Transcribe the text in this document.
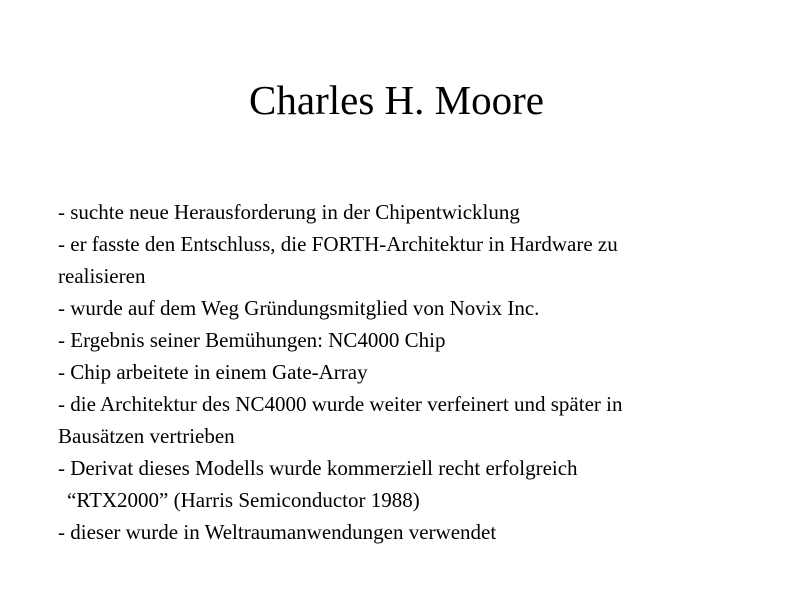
Charles H. Moore
- suchte neue Herausforderung in der Chipentwicklung
- er fasste den Entschluss, die FORTH-Architektur in Hardware zu
realisieren
- wurde auf dem Weg Gründungsmitglied von Novix Inc.
- Ergebnis seiner Bemühungen: NC4000 Chip
- Chip arbeitete in einem Gate-Array
- die Architektur des NC4000 wurde weiter verfeinert und später in
Bausätzen vertrieben
- Derivat dieses Modells wurde kommerziell recht erfolgreich
“RTX2000” (Harris Semiconductor 1988)
- dieser wurde in Weltraumanwendungen verwendet
